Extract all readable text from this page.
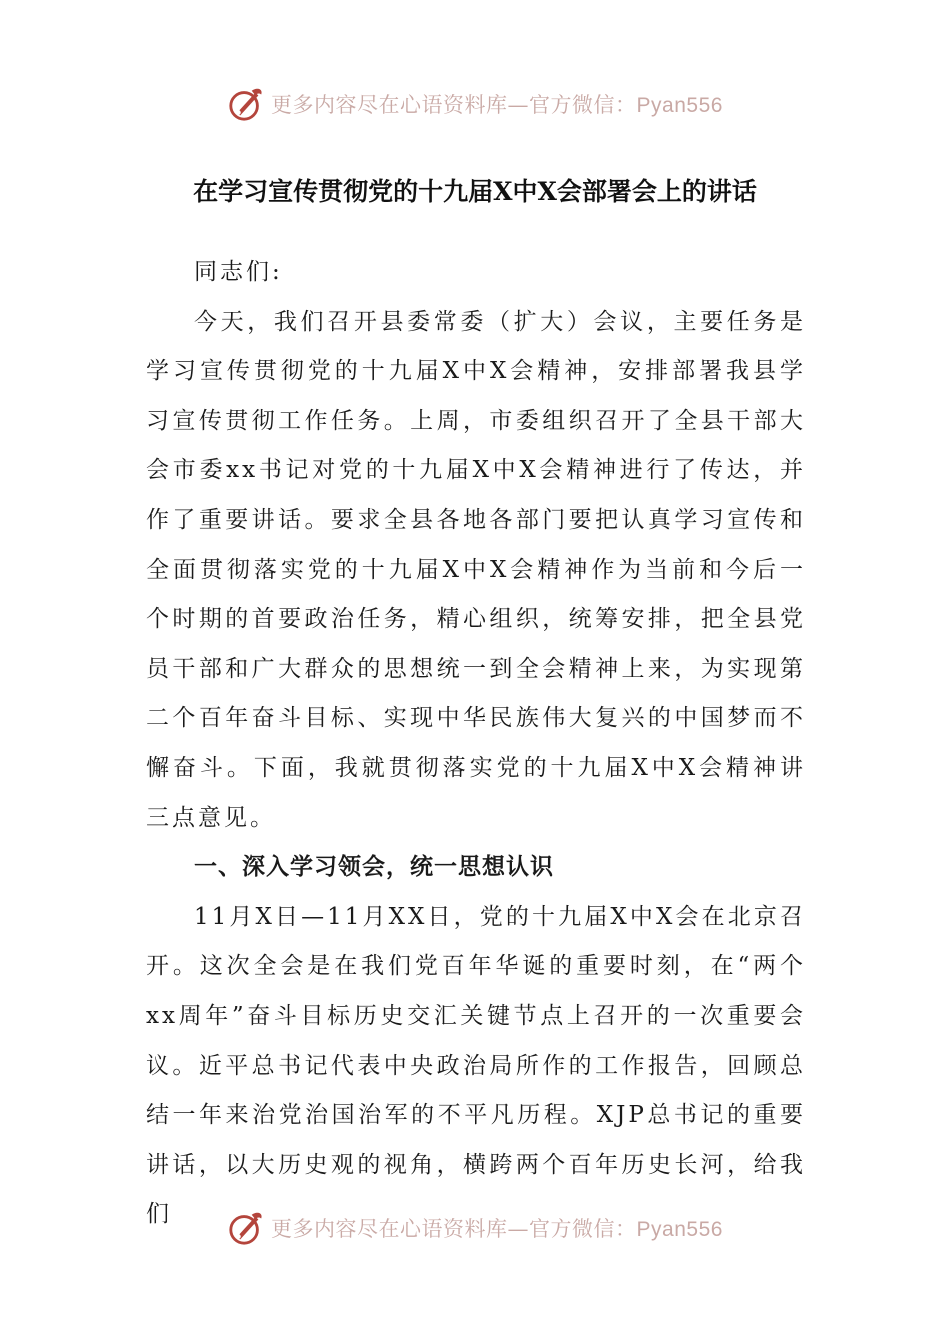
更多内容尽在心语资料库—官方微信：Pyan556
在学习宣传贯彻党的十九届X中X会部署会上的讲话

同志们:

今天，我们召开县委常委（扩大）会议，主要任务是学习宣传贯彻党的十九届X中X会精神，安排部署我县学习宣传贯彻工作任务。上周，市委组织召开了全县干部大会市委xx书记对党的十九届X中X会精神进行了传达，并作了重要讲话。要求全县各地各部门要把认真学习宣传和全面贯彻落实党的十九届X中X会精神作为当前和今后一个时期的首要政治任务，精心组织，统筹安排，把全县党员干部和广大群众的思想统一到全会精神上来，为实现第二个百年奋斗目标、实现中华民族伟大复兴的中国梦而不懈奋斗。下面，我就贯彻落实党的十九届X中X会精神讲三点意见。

一、深入学习领会，统一思想认识

11月X日—11月XX日，党的十九届X中X会在北京召开。这次全会是在我们党百年华诞的重要时刻，在“两个xx周年”奋斗目标历史交汇关键节点上召开的一次重要会议。近平总书记代表中央政治局所作的工作报告，回顾总结一年来治党治国治军的不平凡历程。XJP总书记的重要讲话，以大历史观的视角，横跨两个百年历史长河，给我们

更多内容尽在心语资料库—官方微信：Pyan556
